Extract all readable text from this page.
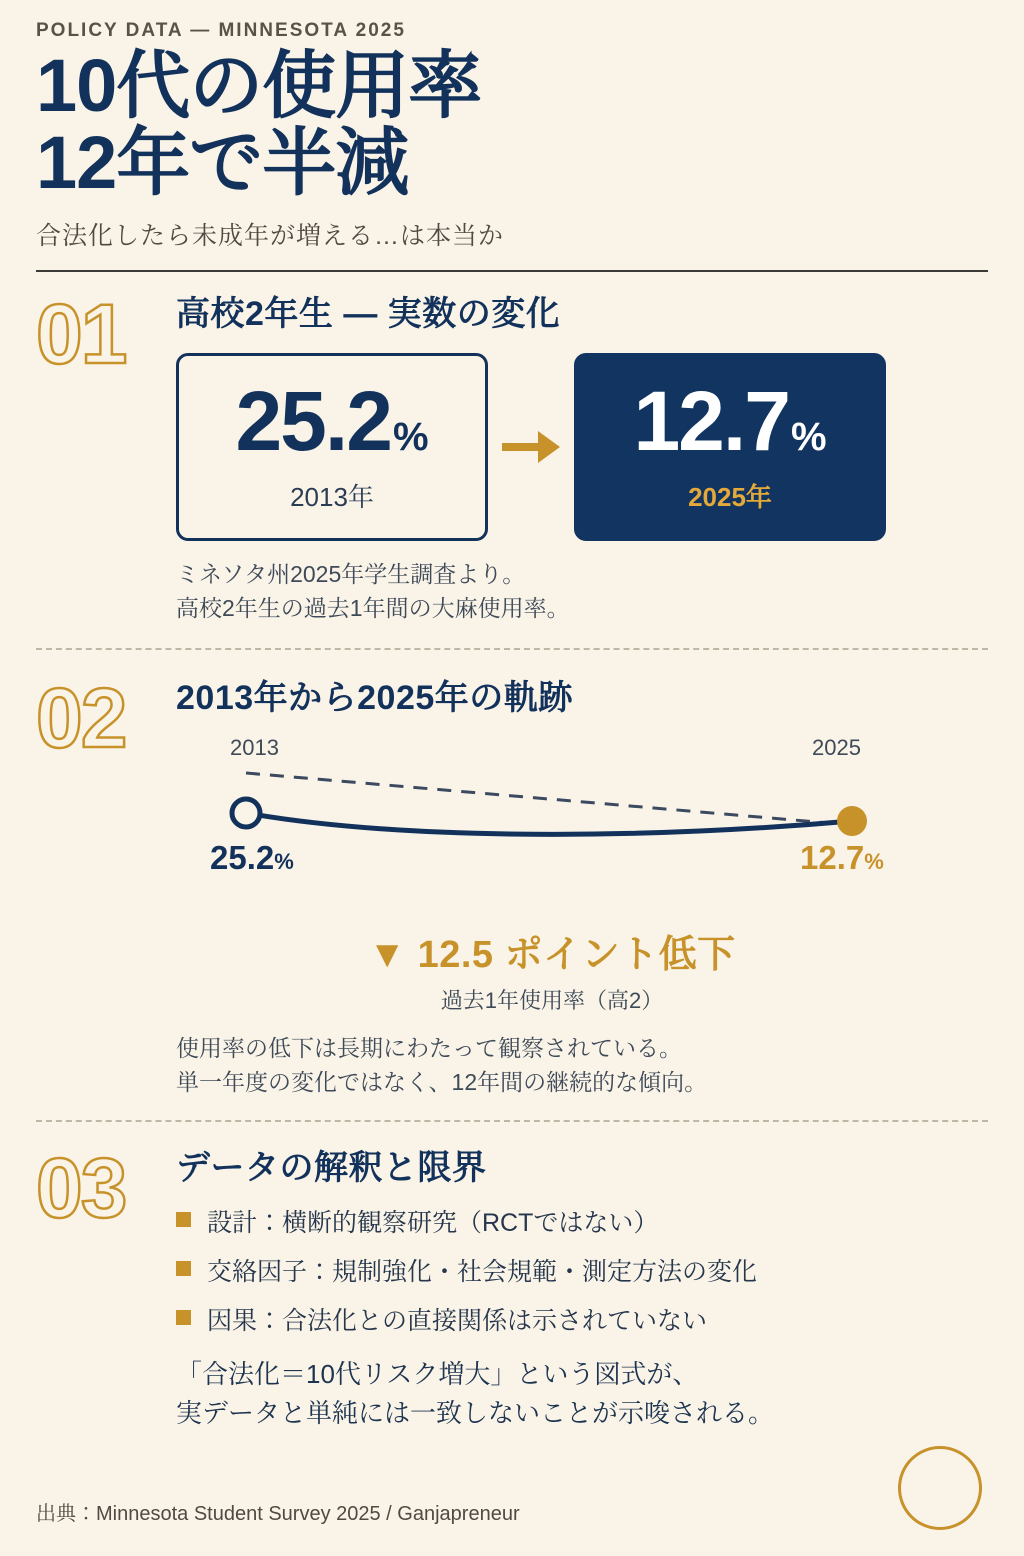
POLICY DATA — MINNESOTA 2025
10代の使用率
12年で半減
合法化したら未成年が増える…は本当か
01	高校2年生 — 実数の変化
25.2 %
2013年
12.7 %
2025年
ミネソタ州2025年学生調査より。
高校2年生の過去1年間の大麻使用率。
02	2013年から2025年の軌跡
2013	2025
25.2%	12.7%
▼ 12.5 ポイント低下
過去1年使用率（高2）
使用率の低下は長期にわたって観察されている。
単一年度の変化ではなく、12年間の継続的な傾向。
03	データの解釈と限界
設計：横断的観察研究（RCTではない）
交絡因子：規制強化・社会規範・測定方法の変化
因果：合法化との直接関係は示されていない
「合法化＝10代リスク増大」という図式が、
実データと単純には一致しないことが示唆される。
出典：Minnesota Student Survey 2025 / Ganjapreneur
